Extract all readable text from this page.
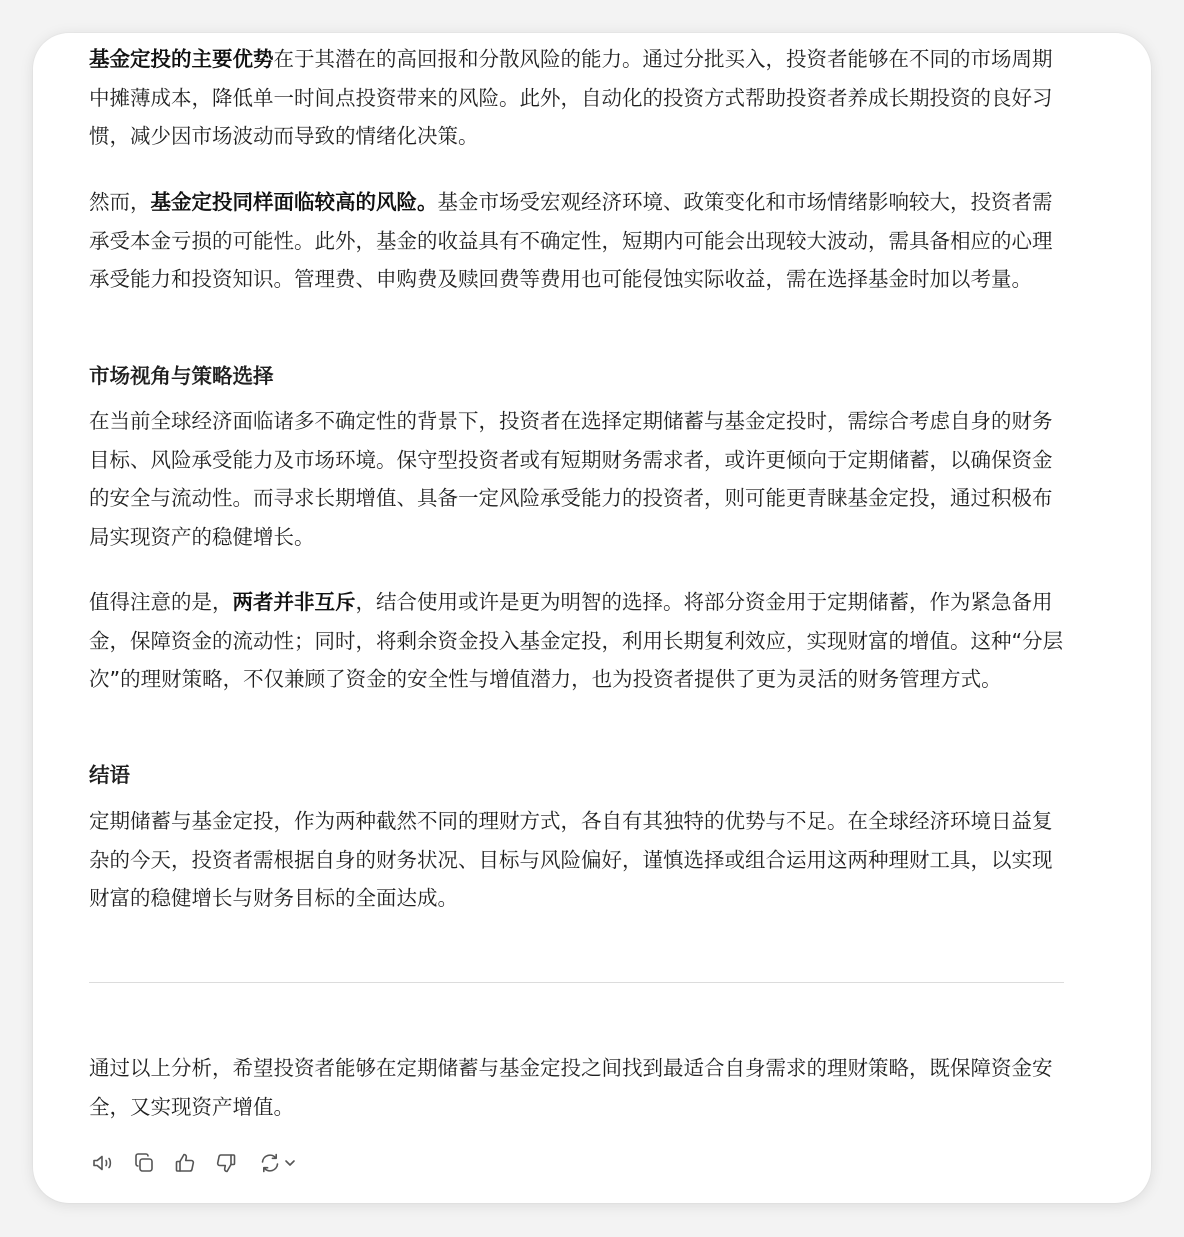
基金定投的主要优势在于其潜在的高回报和分散风险的能力。通过分批买入，投资者能够在不同的市场周期中摊薄成本，降低单一时间点投资带来的风险。此外，自动化的投资方式帮助投资者养成长期投资的良好习惯，减少因市场波动而导致的情绪化决策。

然而，基金定投同样面临较高的风险。基金市场受宏观经济环境、政策变化和市场情绪影响较大，投资者需承受本金亏损的可能性。此外，基金的收益具有不确定性，短期内可能会出现较大波动，需具备相应的心理承受能力和投资知识。管理费、申购费及赎回费等费用也可能侵蚀实际收益，需在选择基金时加以考量。

市场视角与策略选择

在当前全球经济面临诸多不确定性的背景下，投资者在选择定期储蓄与基金定投时，需综合考虑自身的财务目标、风险承受能力及市场环境。保守型投资者或有短期财务需求者，或许更倾向于定期储蓄，以确保资金的安全与流动性。而寻求长期增值、具备一定风险承受能力的投资者，则可能更青睐基金定投，通过积极布局实现资产的稳健增长。

值得注意的是，两者并非互斥，结合使用或许是更为明智的选择。将部分资金用于定期储蓄，作为紧急备用金，保障资金的流动性；同时，将剩余资金投入基金定投，利用长期复利效应，实现财富的增值。这种“分层次”的理财策略，不仅兼顾了资金的安全性与增值潜力，也为投资者提供了更为灵活的财务管理方式。

结语

定期储蓄与基金定投，作为两种截然不同的理财方式，各自有其独特的优势与不足。在全球经济环境日益复杂的今天，投资者需根据自身的财务状况、目标与风险偏好，谨慎选择或组合运用这两种理财工具，以实现财富的稳健增长与财务目标的全面达成。

通过以上分析，希望投资者能够在定期储蓄与基金定投之间找到最适合自身需求的理财策略，既保障资金安全，又实现资产增值。
